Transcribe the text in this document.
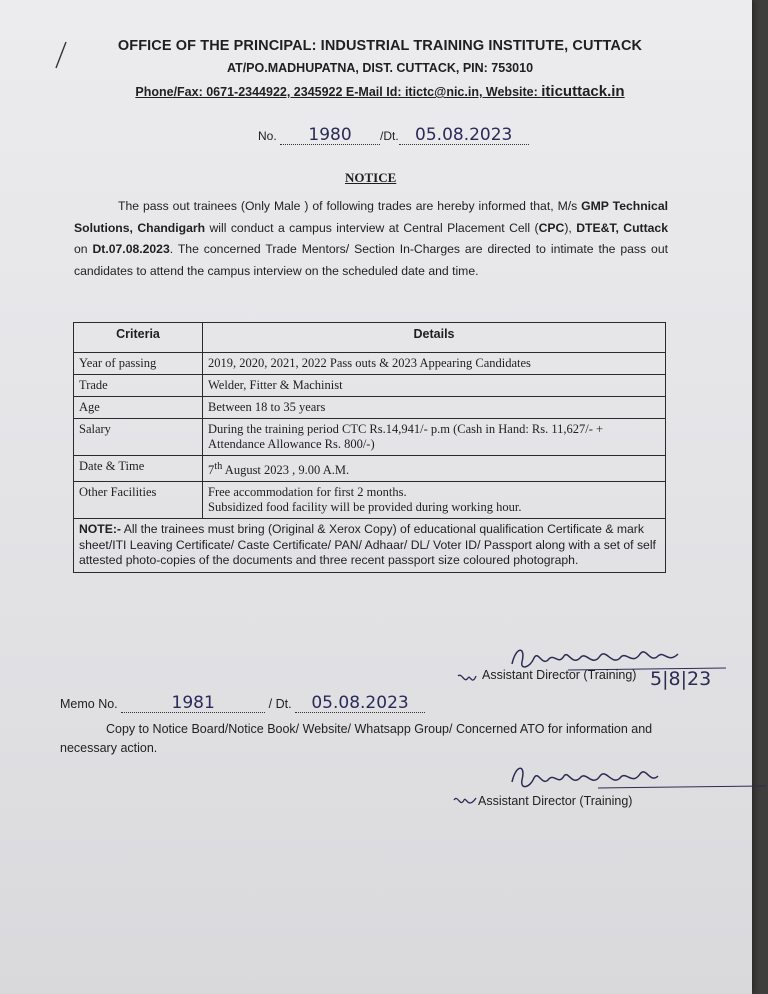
OFFICE OF THE PRINCIPAL: INDUSTRIAL TRAINING INSTITUTE, CUTTACK
AT/PO.MADHUPATNA, DIST. CUTTACK, PIN: 753010
Phone/Fax: 0671-2344922, 2345922 E-Mail Id: itictc@nic.in, Website: iticuttack.in
No. 1980 /Dt. 05.08.2023
NOTICE
The pass out trainees (Only Male ) of following trades are hereby informed that, M/s GMP Technical Solutions, Chandigarh will conduct a campus interview at Central Placement Cell (CPC), DTE&T, Cuttack on Dt.07.08.2023. The concerned Trade Mentors/ Section In-Charges are directed to intimate the pass out candidates to attend the campus interview on the scheduled date and time.
Criteria	Details
Year of passing	2019, 2020, 2021, 2022 Pass outs & 2023 Appearing Candidates
Trade	Welder, Fitter & Machinist
Age	Between 18 to 35 years
Salary	During the training period CTC Rs.14,941/- p.m (Cash in Hand: Rs. 11,627/- + Attendance Allowance Rs. 800/-)
Date & Time	7th August 2023 , 9.00 A.M.
Other Facilities	Free accommodation for first 2 months.
Subsidized food facility will be provided during working hour.

NOTE:- All the trainees must bring (Original & Xerox Copy) of educational qualification Certificate & mark sheet/ITI Leaving Certificate/ Caste Certificate/ PAN/ Adhaar/ DL/ Voter ID/ Passport along with a set of self attested photo-copies of the documents and three recent passport size coloured photograph.	
Assistant Director (Training) 5|8|23
Memo No.	1981	/ Dt. 05.08.2023
Copy to Notice Board/Notice Book/ Website/ Whatsapp Group/ Concerned ATO for information and necessary action.
Assistant Director (Training)
